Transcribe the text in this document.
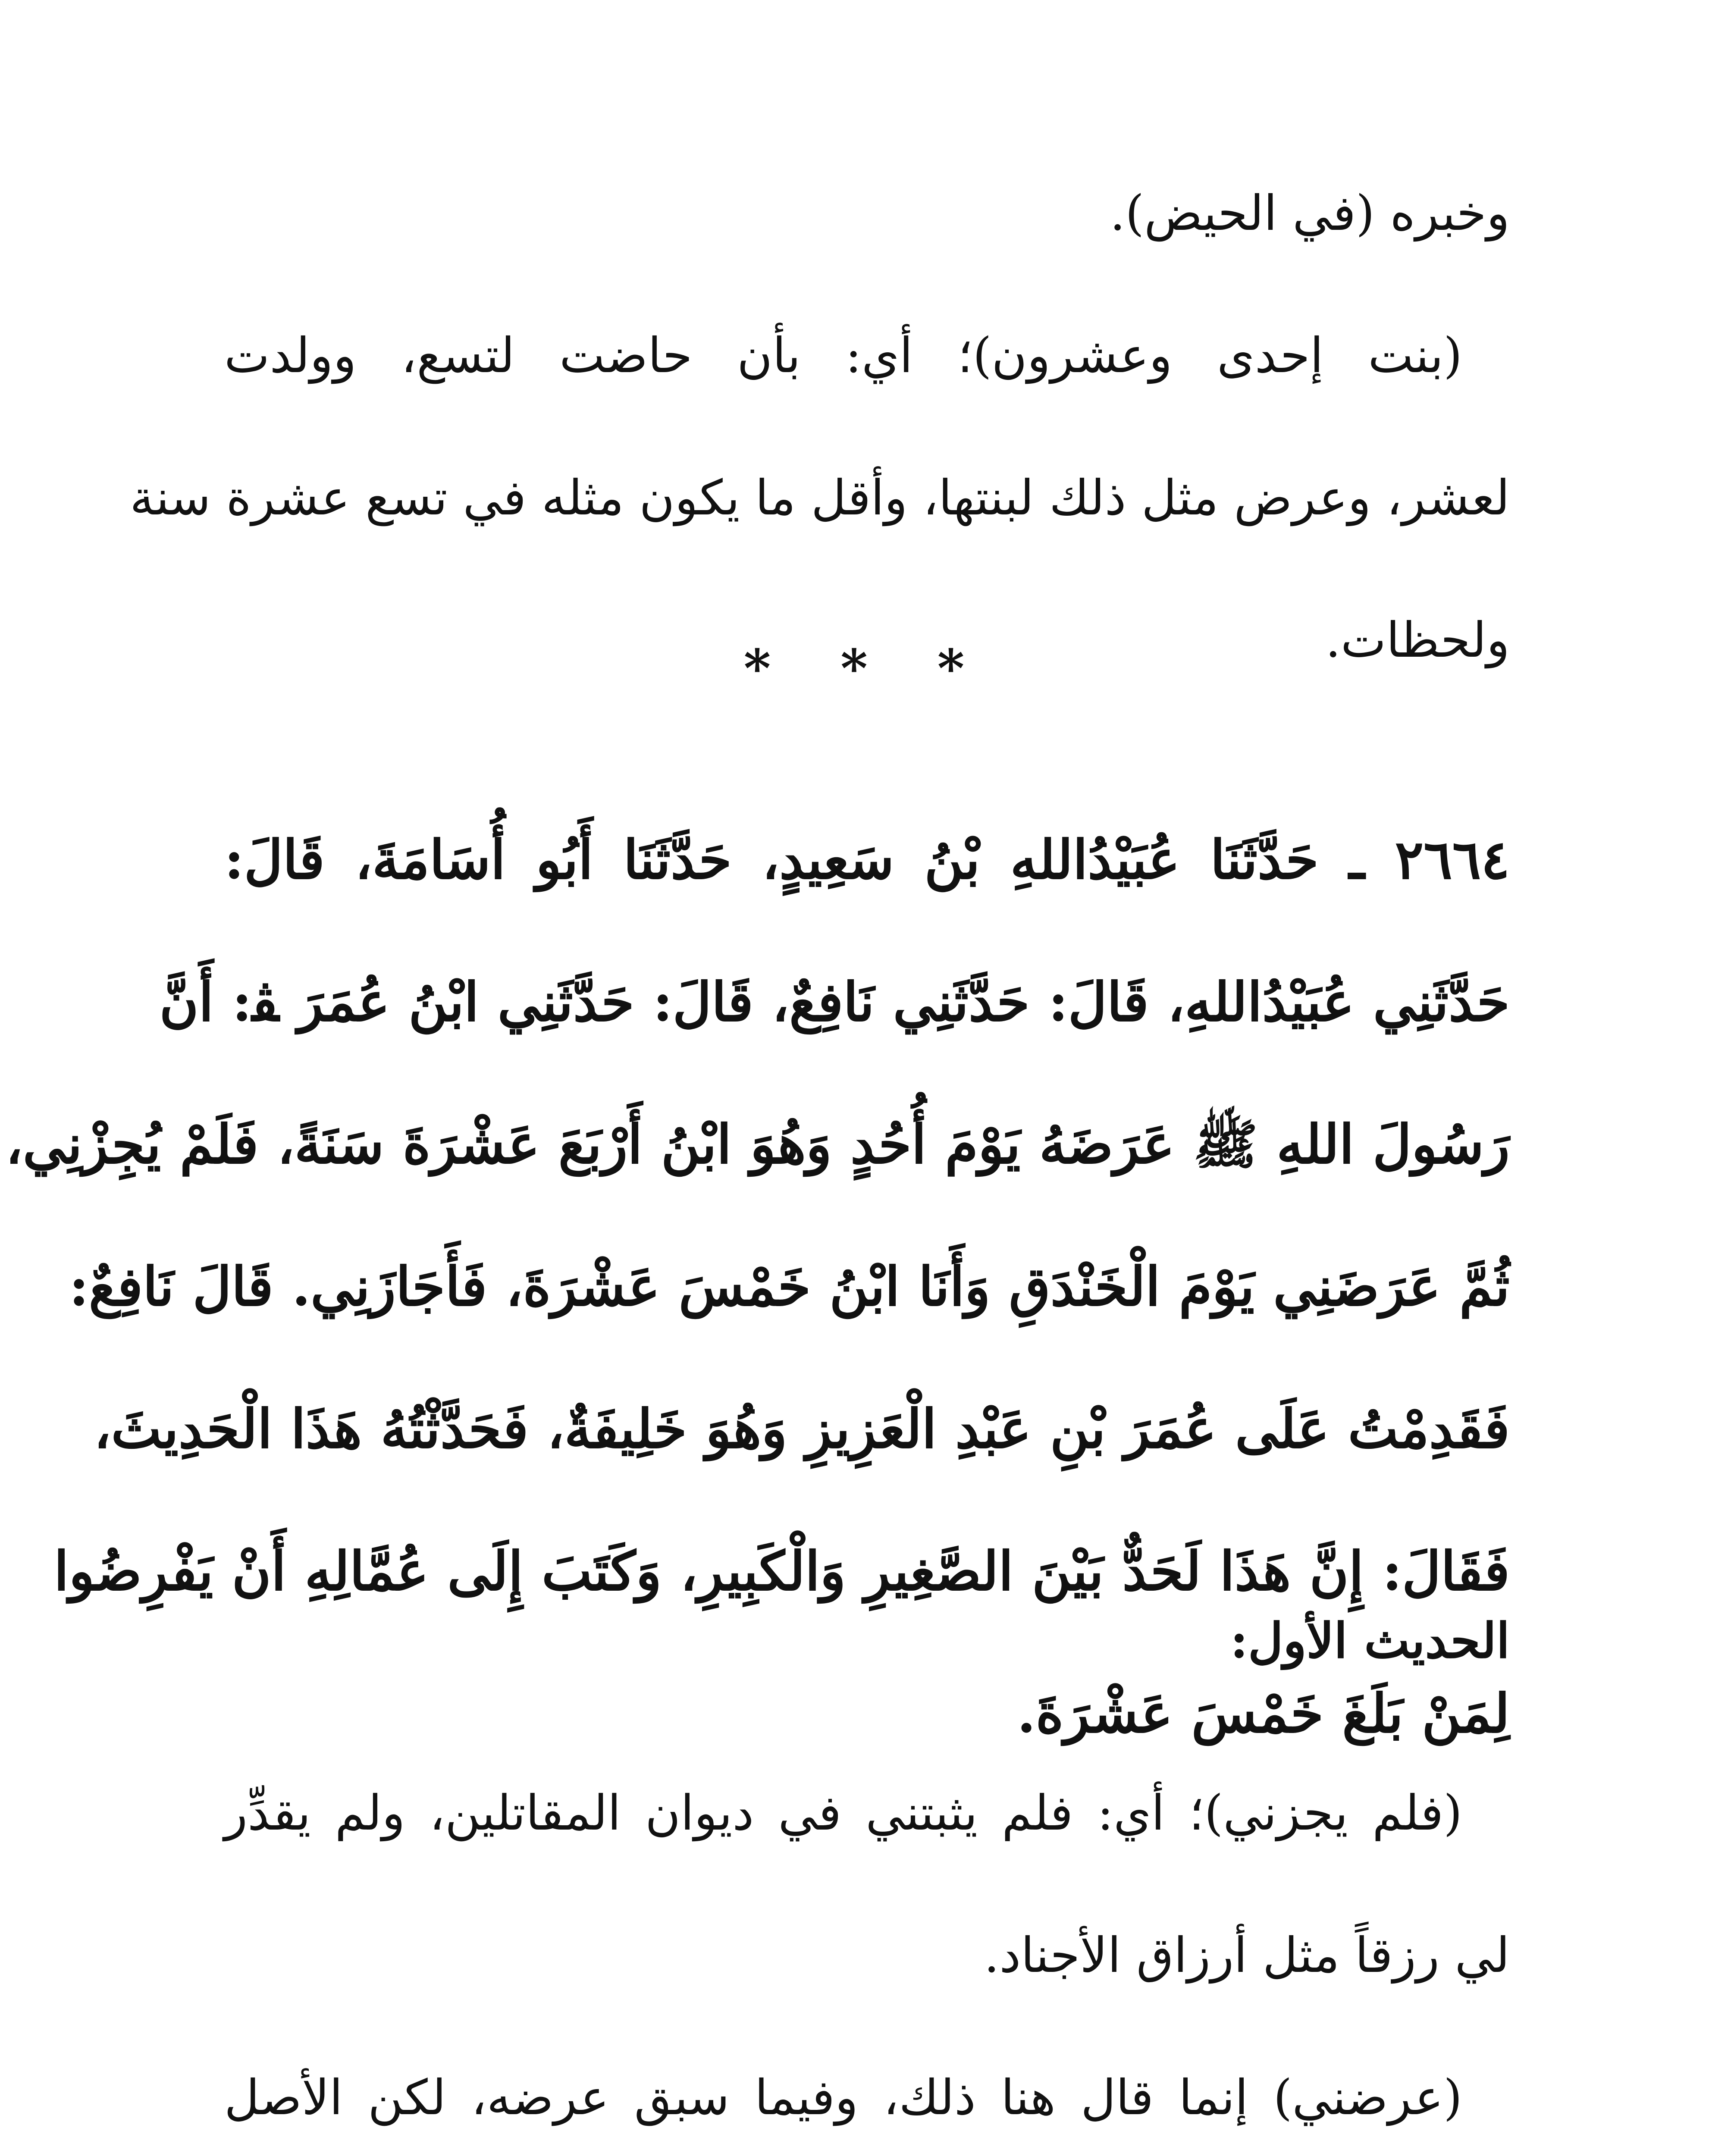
وخبره (في الحيض).
(بنت إحدى وعشرون)؛ أي: بأن حاضت لتسع، وولدت
لعشر، وعرض مثل ذلك لبنتها، وأقل ما يكون مثله في تسع عشرة سنة
ولحظات.
* * *
٢٦٦٤ ـ حَدَّثَنَا عُبَيْدُاللهِ بْنُ سَعِيدٍ، حَدَّثَنَا أَبُو أُسَامَةَ، قَالَ:
حَدَّثَنِي عُبَيْدُاللهِ، قَالَ: حَدَّثَنِي نَافِعٌ، قَالَ: حَدَّثَنِي ابْنُ عُمَرَ ﭭ: أَنَّ
رَسُولَ اللهِ ﷺ عَرَضَهُ يَوْمَ أُحُدٍ وَهُوَ ابْنُ أَرْبَعَ عَشْرَةَ سَنَةً، فَلَمْ يُجِزْنِي،
ثُمَّ عَرَضَنِي يَوْمَ الْخَنْدَقِ وَأَنَا ابْنُ خَمْسَ عَشْرَةَ، فَأَجَازَنِي. قَالَ نَافِعٌ:
فَقَدِمْتُ عَلَى عُمَرَ بْنِ عَبْدِ الْعَزِيزِ وَهُوَ خَلِيفَةٌ، فَحَدَّثْتُهُ هَذَا الْحَدِيثَ،
فَقَالَ: إِنَّ هَذَا لَحَدٌّ بَيْنَ الصَّغِيرِ وَالْكَبِيرِ، وَكَتَبَ إِلَى عُمَّالِهِ أَنْ يَفْرِضُوا
لِمَنْ بَلَغَ خَمْسَ عَشْرَةَ.
الحديث الأول:
(فلم يجزني)؛ أي: فلم يثبتني في ديوان المقاتلين، ولم يقدِّر
لي رزقاً مثل أرزاق الأجناد.
(عرضني) إنما قال هنا ذلك، وفيما سبق عرضه، لكن الأصل
